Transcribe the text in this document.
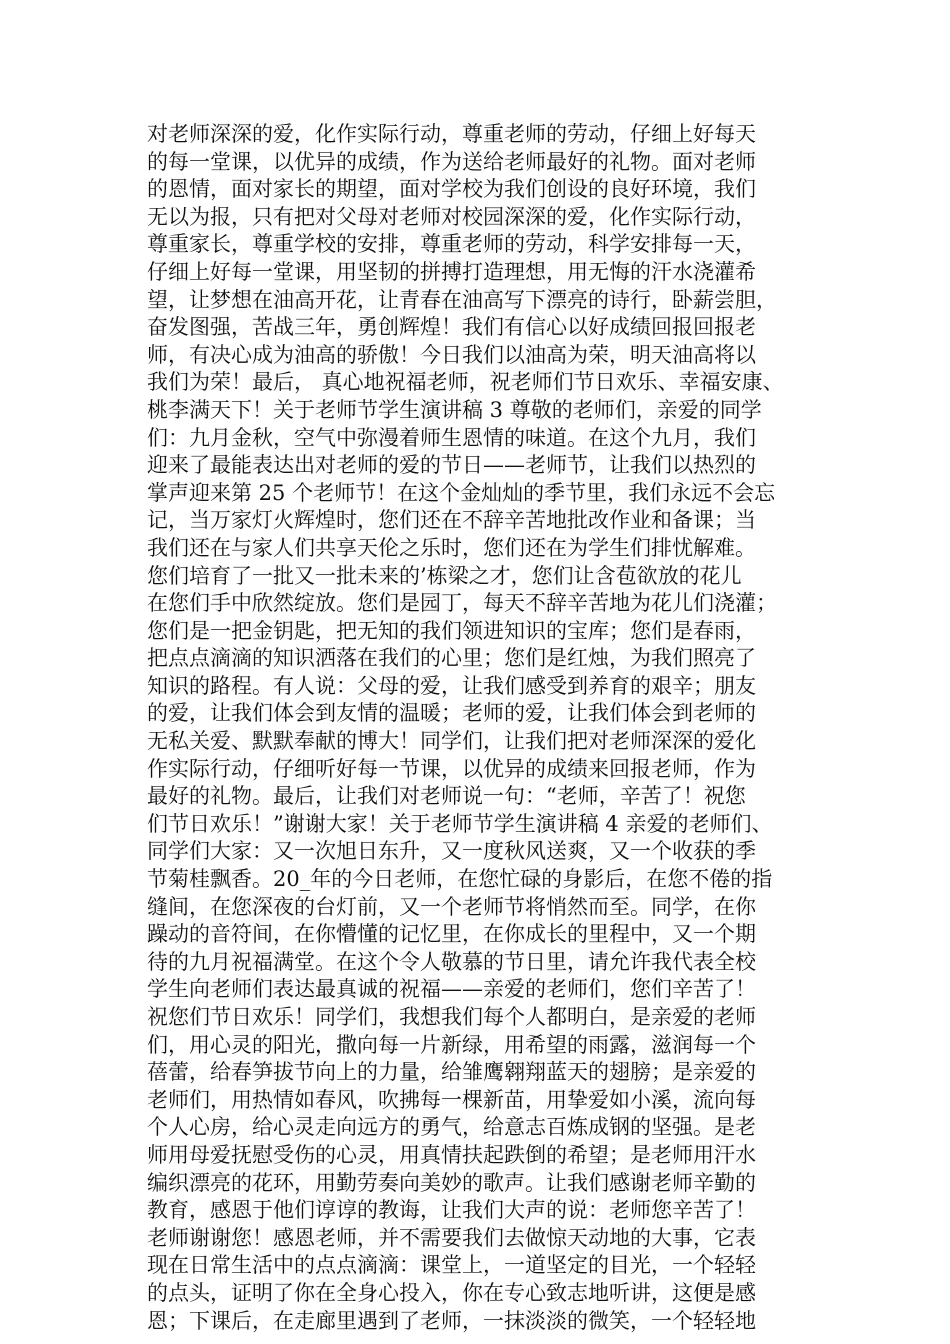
对老师深深的爱，化作实际行动，尊重老师的劳动，仔细上好每天
的每一堂课，以优异的成绩，作为送给老师最好的礼物。面对老师
的恩情，面对家长的期望，面对学校为我们创设的良好环境，我们
无以为报，只有把对父母对老师对校园深深的爱，化作实际行动，
尊重家长，尊重学校的安排，尊重老师的劳动，科学安排每一天，
仔细上好每一堂课，用坚韧的拼搏打造理想，用无悔的汗水浇灌希
望，让梦想在油高开花，让青春在油高写下漂亮的诗行，卧薪尝胆，
奋发图强，苦战三年，勇创辉煌！我们有信心以好成绩回报回报老
师，有决心成为油高的骄傲！今日我们以油高为荣，明天油高将以
我们为荣！最后， 真心地祝福老师，祝老师们节日欢乐、幸福安康、
桃李满天下！关于老师节学生演讲稿 3 尊敬的老师们，亲爱的同学
们：九月金秋，空气中弥漫着师生恩情的味道。在这个九月，我们
迎来了最能表达出对老师的爱的节日——老师节，让我们以热烈的
掌声迎来第 25 个老师节！在这个金灿灿的季节里，我们永远不会忘
记，当万家灯火辉煌时，您们还在不辞辛苦地批改作业和备课；当
我们还在与家人们共享天伦之乐时，您们还在为学生们排忧解难。
您们培育了一批又一批未来的’栋梁之才，您们让含苞欲放的花儿
在您们手中欣然绽放。您们是园丁，每天不辞辛苦地为花儿们浇灌；
您们是一把金钥匙，把无知的我们领进知识的宝库；您们是春雨，
把点点滴滴的知识洒落在我们的心里；您们是红烛，为我们照亮了
知识的路程。有人说：父母的爱，让我们感受到养育的艰辛；朋友
的爱，让我们体会到友情的温暖；老师的爱，让我们体会到老师的
无私关爱、默默奉献的博大！同学们，让我们把对老师深深的爱化
作实际行动，仔细听好每一节课，以优异的成绩来回报老师，作为
最好的礼物。最后，让我们对老师说一句：“老师，辛苦了！祝您
们节日欢乐！”谢谢大家！关于老师节学生演讲稿 4 亲爱的老师们、
同学们大家：又一次旭日东升，又一度秋风送爽，又一个收获的季
节菊桂飘香。20_年的今日老师，在您忙碌的身影后，在您不倦的指
缝间，在您深夜的台灯前，又一个老师节将悄然而至。同学，在你
躁动的音符间，在你懵懂的记忆里，在你成长的里程中，又一个期
待的九月祝福满堂。在这个令人敬慕的节日里，请允许我代表全校
学生向老师们表达最真诚的祝福——亲爱的老师们，您们辛苦了！
祝您们节日欢乐！同学们，我想我们每个人都明白，是亲爱的老师
们，用心灵的阳光，撒向每一片新绿，用希望的雨露，滋润每一个
蓓蕾，给春笋拔节向上的力量，给雏鹰翱翔蓝天的翅膀；是亲爱的
老师们，用热情如春风，吹拂每一棵新苗，用挚爱如小溪，流向每
个人心房，给心灵走向远方的勇气，给意志百炼成钢的坚强。是老
师用母爱抚慰受伤的心灵，用真情扶起跌倒的希望；是老师用汗水
编织漂亮的花环，用勤劳奏向美妙的歌声。让我们感谢老师辛勤的
教育，感恩于他们谆谆的教诲，让我们大声的说：老师您辛苦了！
老师谢谢您！感恩老师，并不需要我们去做惊天动地的大事，它表
现在日常生活中的点点滴滴：课堂上，一道坚定的目光，一个轻轻
的点头，证明了你在全身心投入，你在专心致志地听讲，这便是感
恩；下课后，在走廊里遇到了老师，一抹淡淡的微笑，一个轻轻地
